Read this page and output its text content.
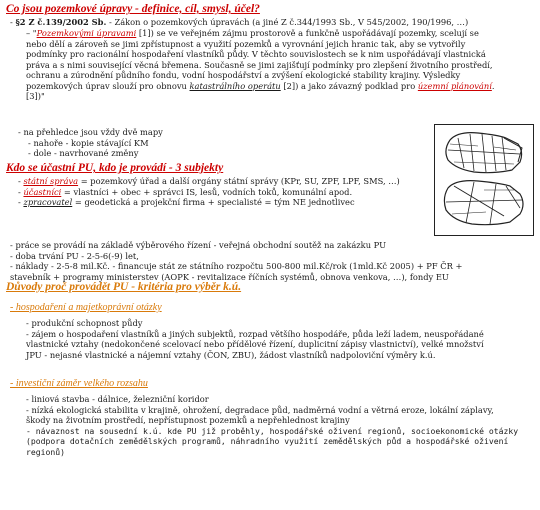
Co jsou pozemkové úpravy - definice, cíl, smysl, účel?

- §2 Z č.139/2002 Sb. - Zákon o pozemkových úpravách (a jiné Z č.344/1993 Sb., V 545/2002, 190/1996, …)
– "Pozemkovými úpravami [1]) se ve veřejném zájmu prostorově a funkčně uspořádávají pozemky, scelují se
nebo dělí a zároveň se jimi zpřístupnost a využití pozemků a vyrovnání jejich hranic tak, aby se vytvořily
podmínky pro racionální hospodaření vlastníků půdy. V těchto souvislostech se k nim uspořádávají vlastnická
práva a s nimi související věcná břemena. Současně se jimi zajišťují podmínky pro zlepšení životního prostředí,
ochranu a zúrodnění půdního fondu, vodní hospodářství a zvýšení ekologické stability krajiny. Výsledky
pozemkových úprav slouží pro obnovu katastrálního operátu [2]) a jako závazný podklad pro územní plánování.
[3])"
- na přehledce jsou vždy dvě mapy
- nahoře - kopie stávající KM
- dole - navrhované změny

Kdo se účastní PU, kdo je provádí - 3 subjekty

- státní správa = pozemkový úřad a další orgány státní správy (KPr, SU, ZPF, LPF, SMS, …)
- účastníci = vlastníci + obec + správci IS, lesů, vodních toků, komunální apod.
- zpracovatel = geodetická a projekční firma + specialisté = tým NE jednotlivec
- práce se provádí na základě výběrového řízení - veřejná obchodní soutěž na zakázku PU
- doba trvání PU - 2-5-6(-9) let,
- náklady - 2-5-8 mil.Kč. - financuje stát ze státního rozpočtu 500-800 mil.Kč/rok (1mld.Kč 2005) + PF ČR +
stavebník + programy ministerstev (AOPK - revitalizace říčních systémů, obnova venkova, …), fondy EU

Důvody proč provádět PU - kritéria pro výběr k.ú.

- hospodaření a majetkoprávní otázky
- produkční schopnost půdy
- zájem o hospodaření vlastníků a jiných subjektů, rozpad většího hospodáře, půda leží ladem, neuspořádané
vlastnické vztahy (nedokončené scelovací nebo přídělové řízení, duplicitní zápisy vlastnictví), velké množství
JPU - nejasné vlastnické a nájemní vztahy (ČON, ZBU), žádost vlastníků nadpoloviční výměry k.ú.
- investiční záměr velkého rozsahu
- liniová stavba - dálnice, železniční koridor
- nízká ekologická stabilita v krajině, ohrožení, degradace půd, nadměrná vodní a větrná eroze, lokální záplavy,
škody na životním prostředí, nepřístupnost pozemků a nepřehlednost krajiny
- návaznost na sousední k.ú. kde PU již proběhly, hospodářské oživení regionů, socioekonomické otázky
(podpora dotačních zemědělských programů, náhradního využití zemědělských půd a hospodářské oživení
regionů)
